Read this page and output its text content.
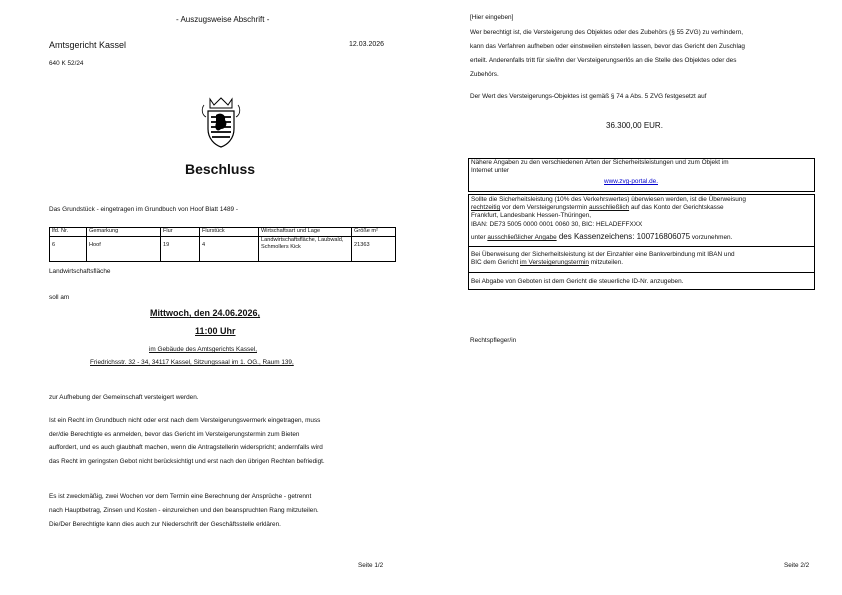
- Auszugsweise Abschrift -
Amtsgericht Kassel	12.03.2026
640 K 52/24
Beschluss
Das Grundstück - eingetragen im Grundbuch von Hoof Blatt 1489 -
lfd. Nr.	Gemarkung	Flur	Flurstück	Wirtschaftsart und Lage	Größe m²
6	Hoof	19	4	Landwirtschaftsfläche, Laubwald, Schmollers Kick	21363
Landwirtschaftsfläche
soll am
Mittwoch, den 24.06.2026,
11:00 Uhr
im Gebäude des Amtsgerichts Kassel,
Friedrichsstr. 32 - 34, 34117 Kassel, Sitzungssaal im 1. OG., Raum 139,
zur Aufhebung der Gemeinschaft versteigert werden.
Ist ein Recht im Grundbuch nicht oder erst nach dem Versteigerungsvermerk eingetragen, muss
der/die Berechtigte es anmelden, bevor das Gericht im Versteigerungstermin zum Bieten
auffordert, und es auch glaubhaft machen, wenn die Antragstellerin widerspricht; andernfalls wird
das Recht im geringsten Gebot nicht berücksichtigt und erst nach den übrigen Rechten befriedigt.
Es ist zweckmäßig, zwei Wochen vor dem Termin eine Berechnung der Ansprüche - getrennt
nach Hauptbetrag, Zinsen und Kosten - einzureichen und den beanspruchten Rang mitzuteilen.
Die/Der Berechtigte kann dies auch zur Niederschrift der Geschäftsstelle erklären.
Seite 1/2
[Hier eingeben]
Wer berechtigt ist, die Versteigerung des Objektes oder des Zubehörs (§ 55 ZVG) zu verhindern,
kann das Verfahren aufheben oder einstweilen einstellen lassen, bevor das Gericht den Zuschlag
erteilt. Anderenfalls tritt für sie/ihn der Versteigerungserlös an die Stelle des Objektes oder des
Zubehörs.
Der Wert des Versteigerungs-Objektes ist gemäß § 74 a Abs. 5 ZVG festgesetzt auf
36.300,00 EUR.
Nähere Angaben zu den verschiedenen Arten der Sicherheitsleistungen und zum Objekt im
Internet unter
www.zvg-portal.de.
Sollte die Sicherheitsleistung (10% des Verkehrswertes) überwiesen werden, ist die Überweisung
rechtzeitig vor dem Versteigerungstermin ausschließlich auf das Konto der Gerichtskasse
Frankfurt, Landesbank Hessen-Thüringen,
IBAN: DE73 5005 0000 0001 0060 30, BIC: HELADEFFXXX
unter ausschließlicher Angabe des Kassenzeichens: 100716806075 vorzunehmen.
Bei Überweisung der Sicherheitsleistung ist der Einzahler eine Bankverbindung mit IBAN und
BIC dem Gericht im Versteigerungstermin mitzuteilen.
Bei Abgabe von Geboten ist dem Gericht die steuerliche ID-Nr. anzugeben.
Rechtspfleger/in
Seite 2/2
